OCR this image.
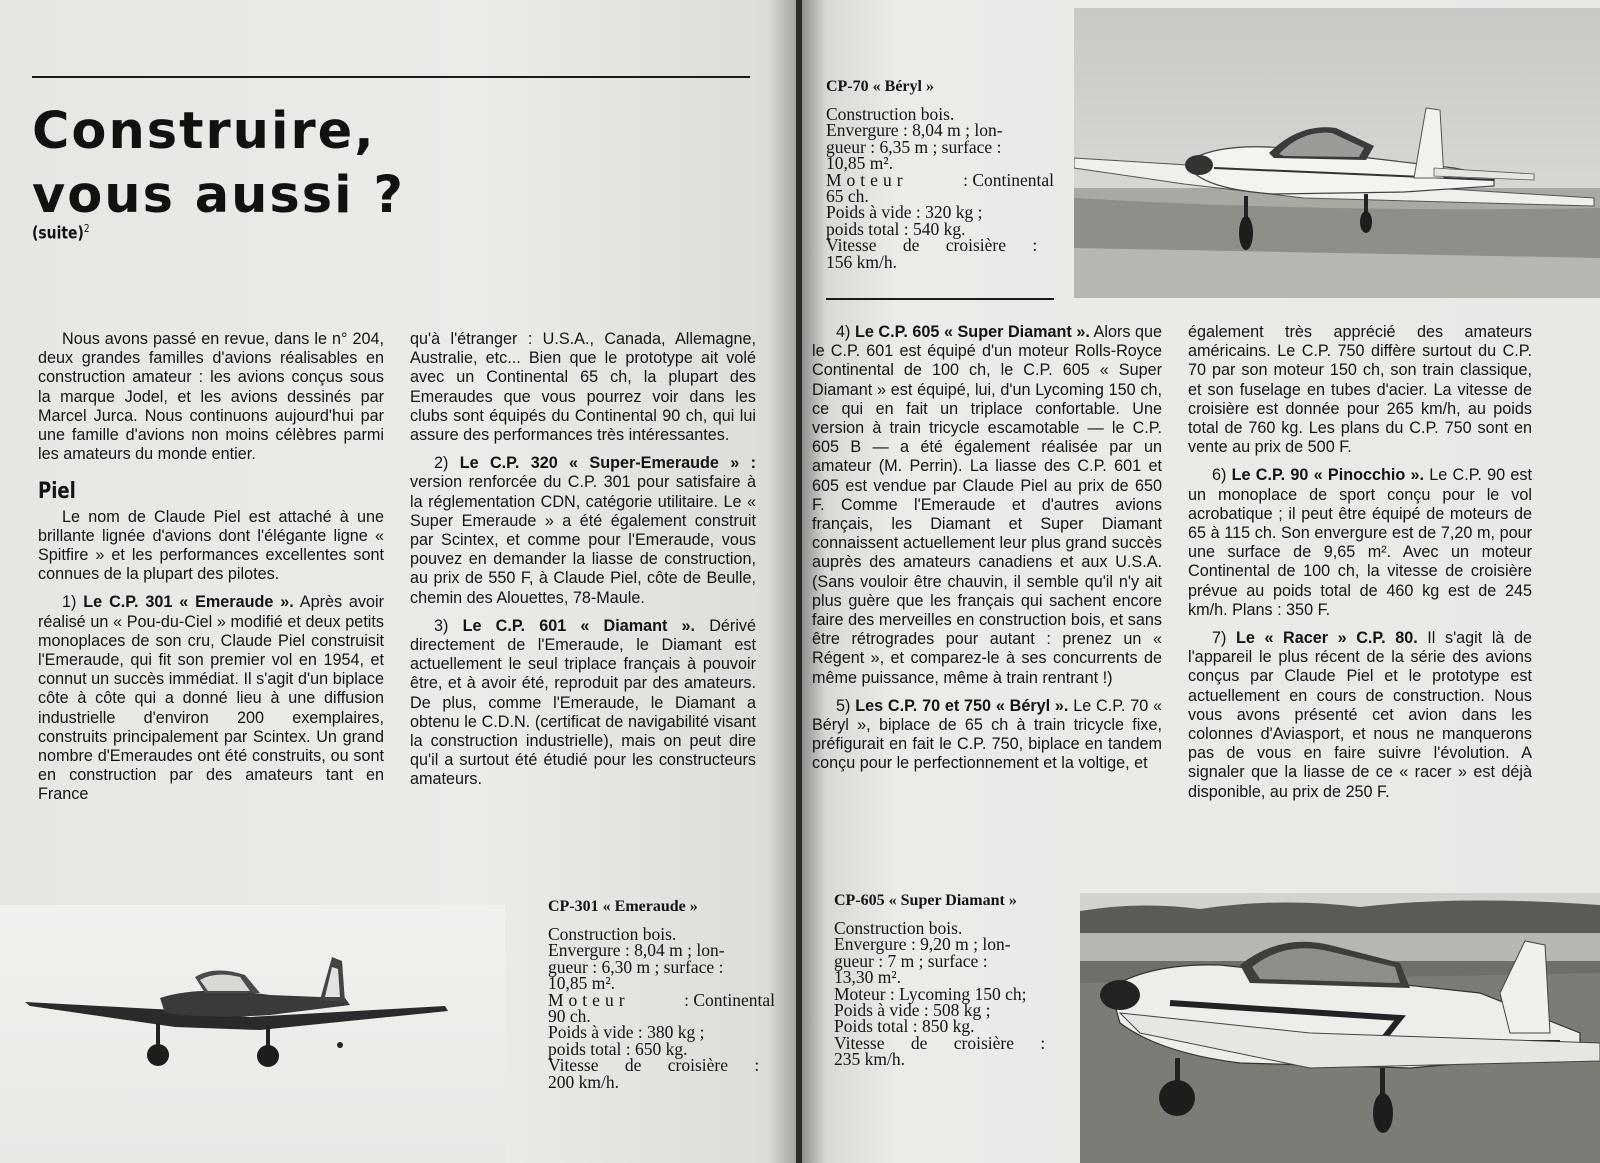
Construire,
vous aussi ?
(suite)$^2$

Nous avons passé en revue, dans le n° 204, deux grandes familles d'avions réalisables en construction amateur : les avions conçus sous la marque Jodel, et les avions dessinés par Marcel Jurca. Nous continuons aujourd'hui par une famille d'avions non moins célèbres parmi les amateurs du monde entier.

Piel

Le nom de Claude Piel est attaché à une brillante lignée d'avions dont l'élégante ligne « Spitfire » et les performances excellentes sont connues de la plupart des pilotes.

1) Le C.P. 301 « Emeraude ». Après avoir réalisé un « Pou-du-Ciel » modifié et deux petits monoplaces de son cru, Claude Piel construisit l'Emeraude, qui fit son premier vol en 1954, et connut un succès immédiat. Il s'agit d'un biplace côte à côte qui a donné lieu à une diffusion industrielle d'environ 200 exemplaires, construits principalement par Scintex. Un grand nombre d'Emeraudes ont été construits, ou sont en construction par des amateurs tant en France

qu'à l'étranger : U.S.A., Canada, Allemagne, Australie, etc... Bien que le prototype ait volé avec un Continental 65 ch, la plupart des Emeraudes que vous pourrez voir dans les clubs sont équipés du Continental 90 ch, qui lui assure des performances très intéressantes.

2) Le C.P. 320 « Super-Emeraude » : version renforcée du C.P. 301 pour satisfaire à la réglementation CDN, catégorie utilitaire. Le « Super Emeraude » a été également construit par Scintex, et comme pour l'Emeraude, vous pouvez en demander la liasse de construction, au prix de 550 F, à Claude Piel, côte de Beulle, chemin des Alouettes, 78-Maule.

3) Le C.P. 601 « Diamant ». Dérivé directement de l'Emeraude, le Diamant est actuellement le seul triplace français à pouvoir être, et à avoir été, reproduit par des amateurs. De plus, comme l'Emeraude, le Diamant a obtenu le C.D.N. (certificat de navigabilité visant la construction industrielle), mais on peut dire qu'il a surtout été étudié pour les constructeurs amateurs.

CP-301 « Emeraude »
Construction bois.
Envergure : 8,04 m ; lon-
gueur : 6,30 m ; surface :
10,85 m².
Moteur	: Continental
90 ch.
Poids à vide : 380 kg ;
poids total : 650 kg.
Vitesse de croisière :
200 km/h.
CP-70 « Béryl »
Construction bois.
Envergure : 8,04 m ; lon-
gueur : 6,35 m ; surface :
10,85 m².
Moteur	: Continental
65 ch.
Poids à vide : 320 kg ;
poids total : 540 kg.
Vitesse de croisière :
156 km/h.

4) Le C.P. 605 « Super Diamant ». Alors que le C.P. 601 est équipé d'un moteur Rolls-Royce Continental de 100 ch, le C.P. 605 « Super Diamant » est équipé, lui, d'un Lycoming 150 ch, ce qui en fait un triplace confortable. Une version à train tricycle escamotable — le C.P. 605 B — a été également réalisée par un amateur (M. Perrin). La liasse des C.P. 601 et 605 est vendue par Claude Piel au prix de 650 F. Comme l'Emeraude et d'autres avions français, les Diamant et Super Diamant connaissent actuellement leur plus grand succès auprès des amateurs canadiens et aux U.S.A. (Sans vouloir être chauvin, il semble qu'il n'y ait plus guère que les français qui sachent encore faire des merveilles en construction bois, et sans être rétrogrades pour autant : prenez un « Régent », et comparez-le à ses concurrents de même puissance, même à train rentrant !)

5) Les C.P. 70 et 750 « Béryl ». Le C.P. 70 « Béryl », biplace de 65 ch à train tricycle fixe, préfigurait en fait le C.P. 750, biplace en tandem conçu pour le perfectionnement et la voltige, et

également très apprécié des amateurs américains. Le C.P. 750 diffère surtout du C.P. 70 par son moteur 150 ch, son train classique, et son fuselage en tubes d'acier. La vitesse de croisière est donnée pour 265 km/h, au poids total de 760 kg. Les plans du C.P. 750 sont en vente au prix de 500 F.

6) Le C.P. 90 « Pinocchio ». Le C.P. 90 est un monoplace de sport conçu pour le vol acrobatique ; il peut être équipé de moteurs de 65 à 115 ch. Son envergure est de 7,20 m, pour une surface de 9,65 m². Avec un moteur Continental de 100 ch, la vitesse de croisière prévue au poids total de 460 kg est de 245 km/h. Plans : 350 F.

7) Le « Racer » C.P. 80. Il s'agit là de l'appareil le plus récent de la série des avions conçus par Claude Piel et le prototype est actuellement en cours de construction. Nous vous avons présenté cet avion dans les colonnes d'Aviasport, et nous ne manquerons pas de vous en faire suivre l'évolution. A signaler que la liasse de ce « racer » est déjà disponible, au prix de 250 F.

CP-605 « Super Diamant »
Construction bois.
Envergure : 9,20 m ; lon-
gueur : 7 m ; surface :
13,30 m².
Moteur : Lycoming 150 ch;
Poids à vide : 508 kg ;
Poids total : 850 kg.
Vitesse de croisière :
235 km/h.
